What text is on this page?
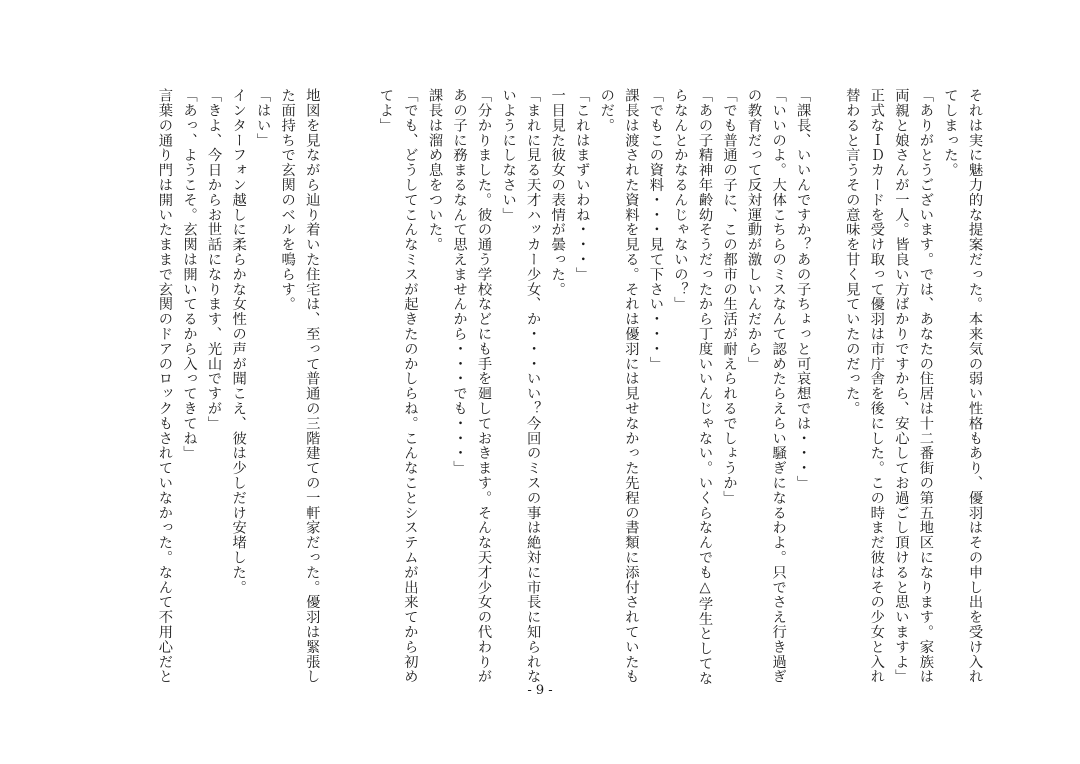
それは実に魅力的な提案だった。本来気の弱い性格もあり、優羽はその申し出を受け入れ
てしまった。
「ありがとうございます。では、あなたの住居は十二番街の第五地区になります。家族は
両親と娘さんが一人。皆良い方ばかりですから、安心してお過ごし頂けると思いますよ」
正式なＩＤカードを受け取って優羽は市庁舎を後にした。この時まだ彼はその少女と入れ
替わると言うその意味を甘く見ていたのだった。
「課長、いいんですか？あの子ちょっと可哀想では・・・」
「いいのよ。大体こちらのミスなんて認めたらえらい騒ぎになるわよ。只でさえ行き過ぎ
の教育だって反対運動が激しいんだから」
「でも普通の子に、この都市の生活が耐えられるでしょうか」
「あの子精神年齢幼そうだったから丁度いいんじゃない。いくらなんでも△学生としてな
らなんとかなるんじゃないの？」
「でもこの資料・・・見て下さい・・・」
課長は渡された資料を見る。それは優羽には見せなかった先程の書類に添付されていたも
のだ。
「これはまずいわね・・・」
一目見た彼女の表情が曇った。
「まれに見る天才ハッカー少女、か・・・いい？今回のミスの事は絶対に市長に知られな
いようにしなさい」
「分かりました。彼の通う学校などにも手を廻しておきます。そんな天才少女の代わりが
あの子に務まるなんて思えませんから・・・でも・・・」
課長は溜め息をついた。
「でも、どうしてこんなミスが起きたのかしらね。こんなことシステムが出来てから初め
てよ」
地図を見ながら辿り着いた住宅は、至って普通の三階建ての一軒家だった。優羽は緊張し
た面持ちで玄関のベルを鳴らす。
「はい」
インターフォン越しに柔らかな女性の声が聞こえ、彼は少しだけ安堵した。
「きよ、今日からお世話になります、光山ですが」
「あっ、ようこそ。玄関は開いてるから入ってきてね」
言葉の通り門は開いたままで玄関のドアのロックもされていなかった。なんて不用心だと
- 9 -
